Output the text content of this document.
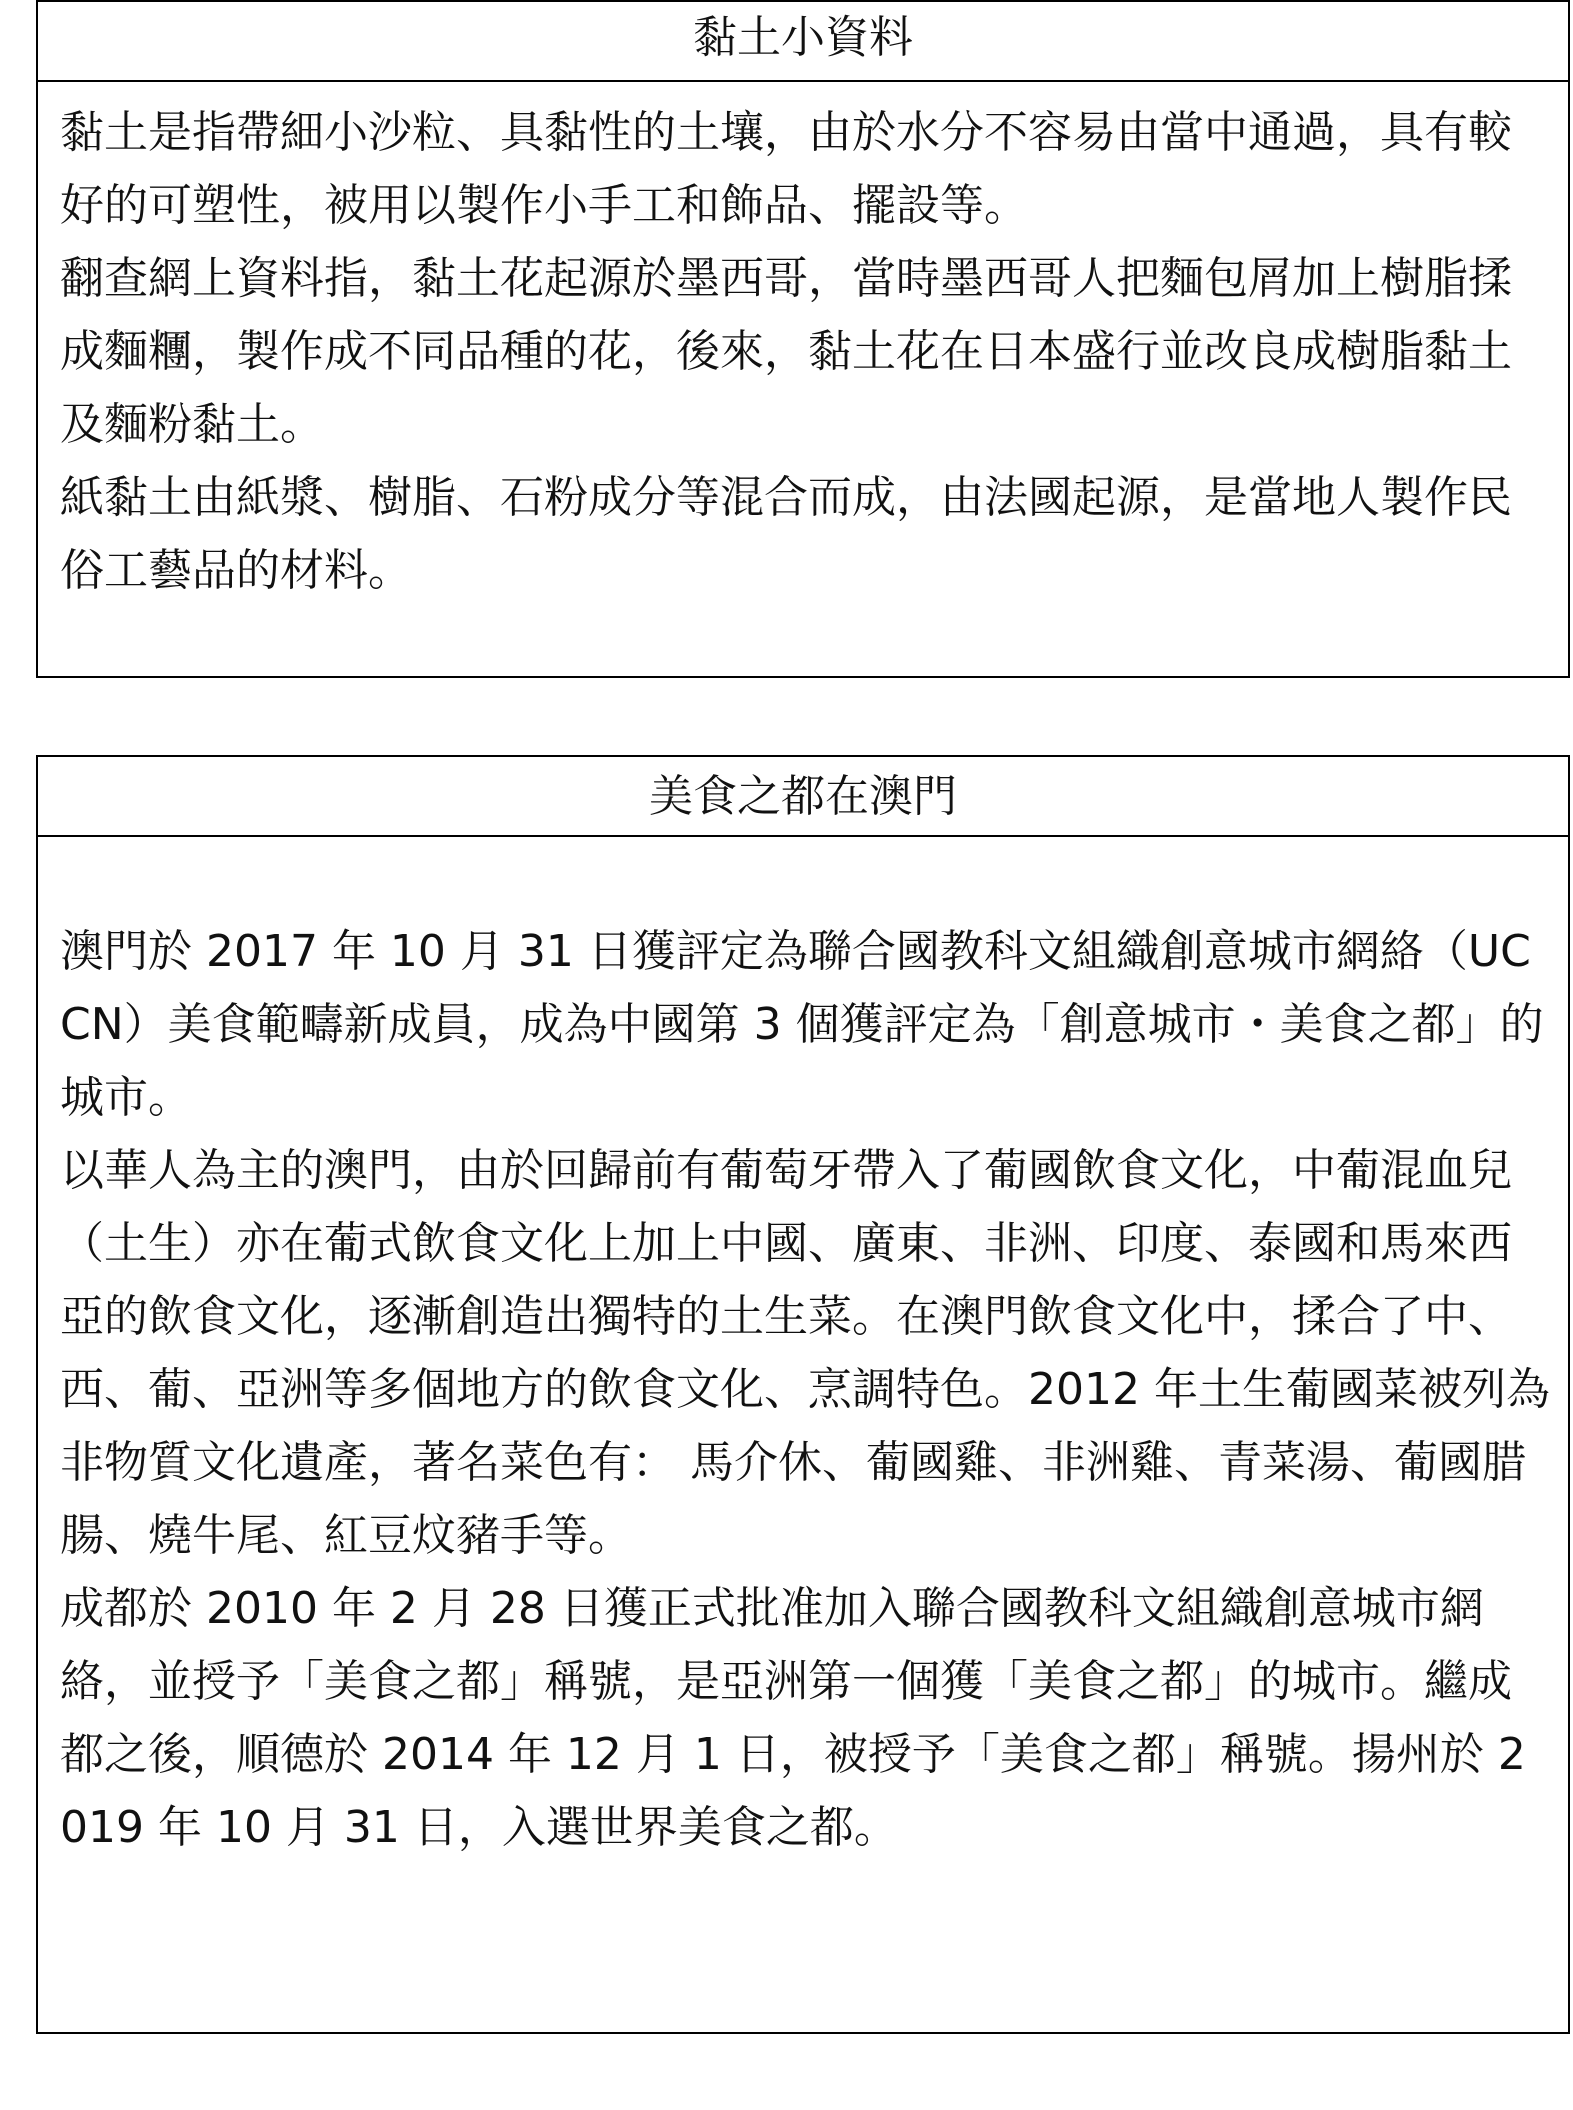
黏土小資料

黏土是指帶細小沙粒、具黏性的土壤，由於水分不容易由當中通過，具有較好的可塑性，被用以製作小手工和飾品、擺設等。

翻查網上資料指，黏土花起源於墨西哥，當時墨西哥人把麵包屑加上樹脂揉成麵糰，製作成不同品種的花，後來，黏土花在日本盛行並改良成樹脂黏土及麵粉黏土。

紙黏土由紙漿、樹脂、石粉成分等混合而成，由法國起源，是當地人製作民俗工藝品的材料。

美食之都在澳門

澳門於 2017 年 10 月 31 日獲評定為聯合國教科文組織創意城市網絡（UCCN）美食範疇新成員，成為中國第 3 個獲評定為「創意城市・美食之都」的城市。

以華人為主的澳門，由於回歸前有葡萄牙帶入了葡國飲食文化，中葡混血兒（土生）亦在葡式飲食文化上加上中國、廣東、非洲、印度、泰國和馬來西亞的飲食文化，逐漸創造出獨特的土生菜。在澳門飲食文化中，揉合了中、西、葡、亞洲等多個地方的飲食文化、烹調特色。2012 年土生葡國菜被列為非物質文化遺產，著名菜色有： 馬介休、葡國雞、非洲雞、青菜湯、葡國腊腸、燒牛尾、紅豆炆豬手等。

成都於 2010 年 2 月 28 日獲正式批准加入聯合國教科文組織創意城市網絡，並授予「美食之都」稱號，是亞洲第一個獲「美食之都」的城市。繼成都之後，順德於 2014 年 12 月 1 日，被授予「美食之都」稱號。揚州於 2019 年 10 月 31 日，入選世界美食之都。
